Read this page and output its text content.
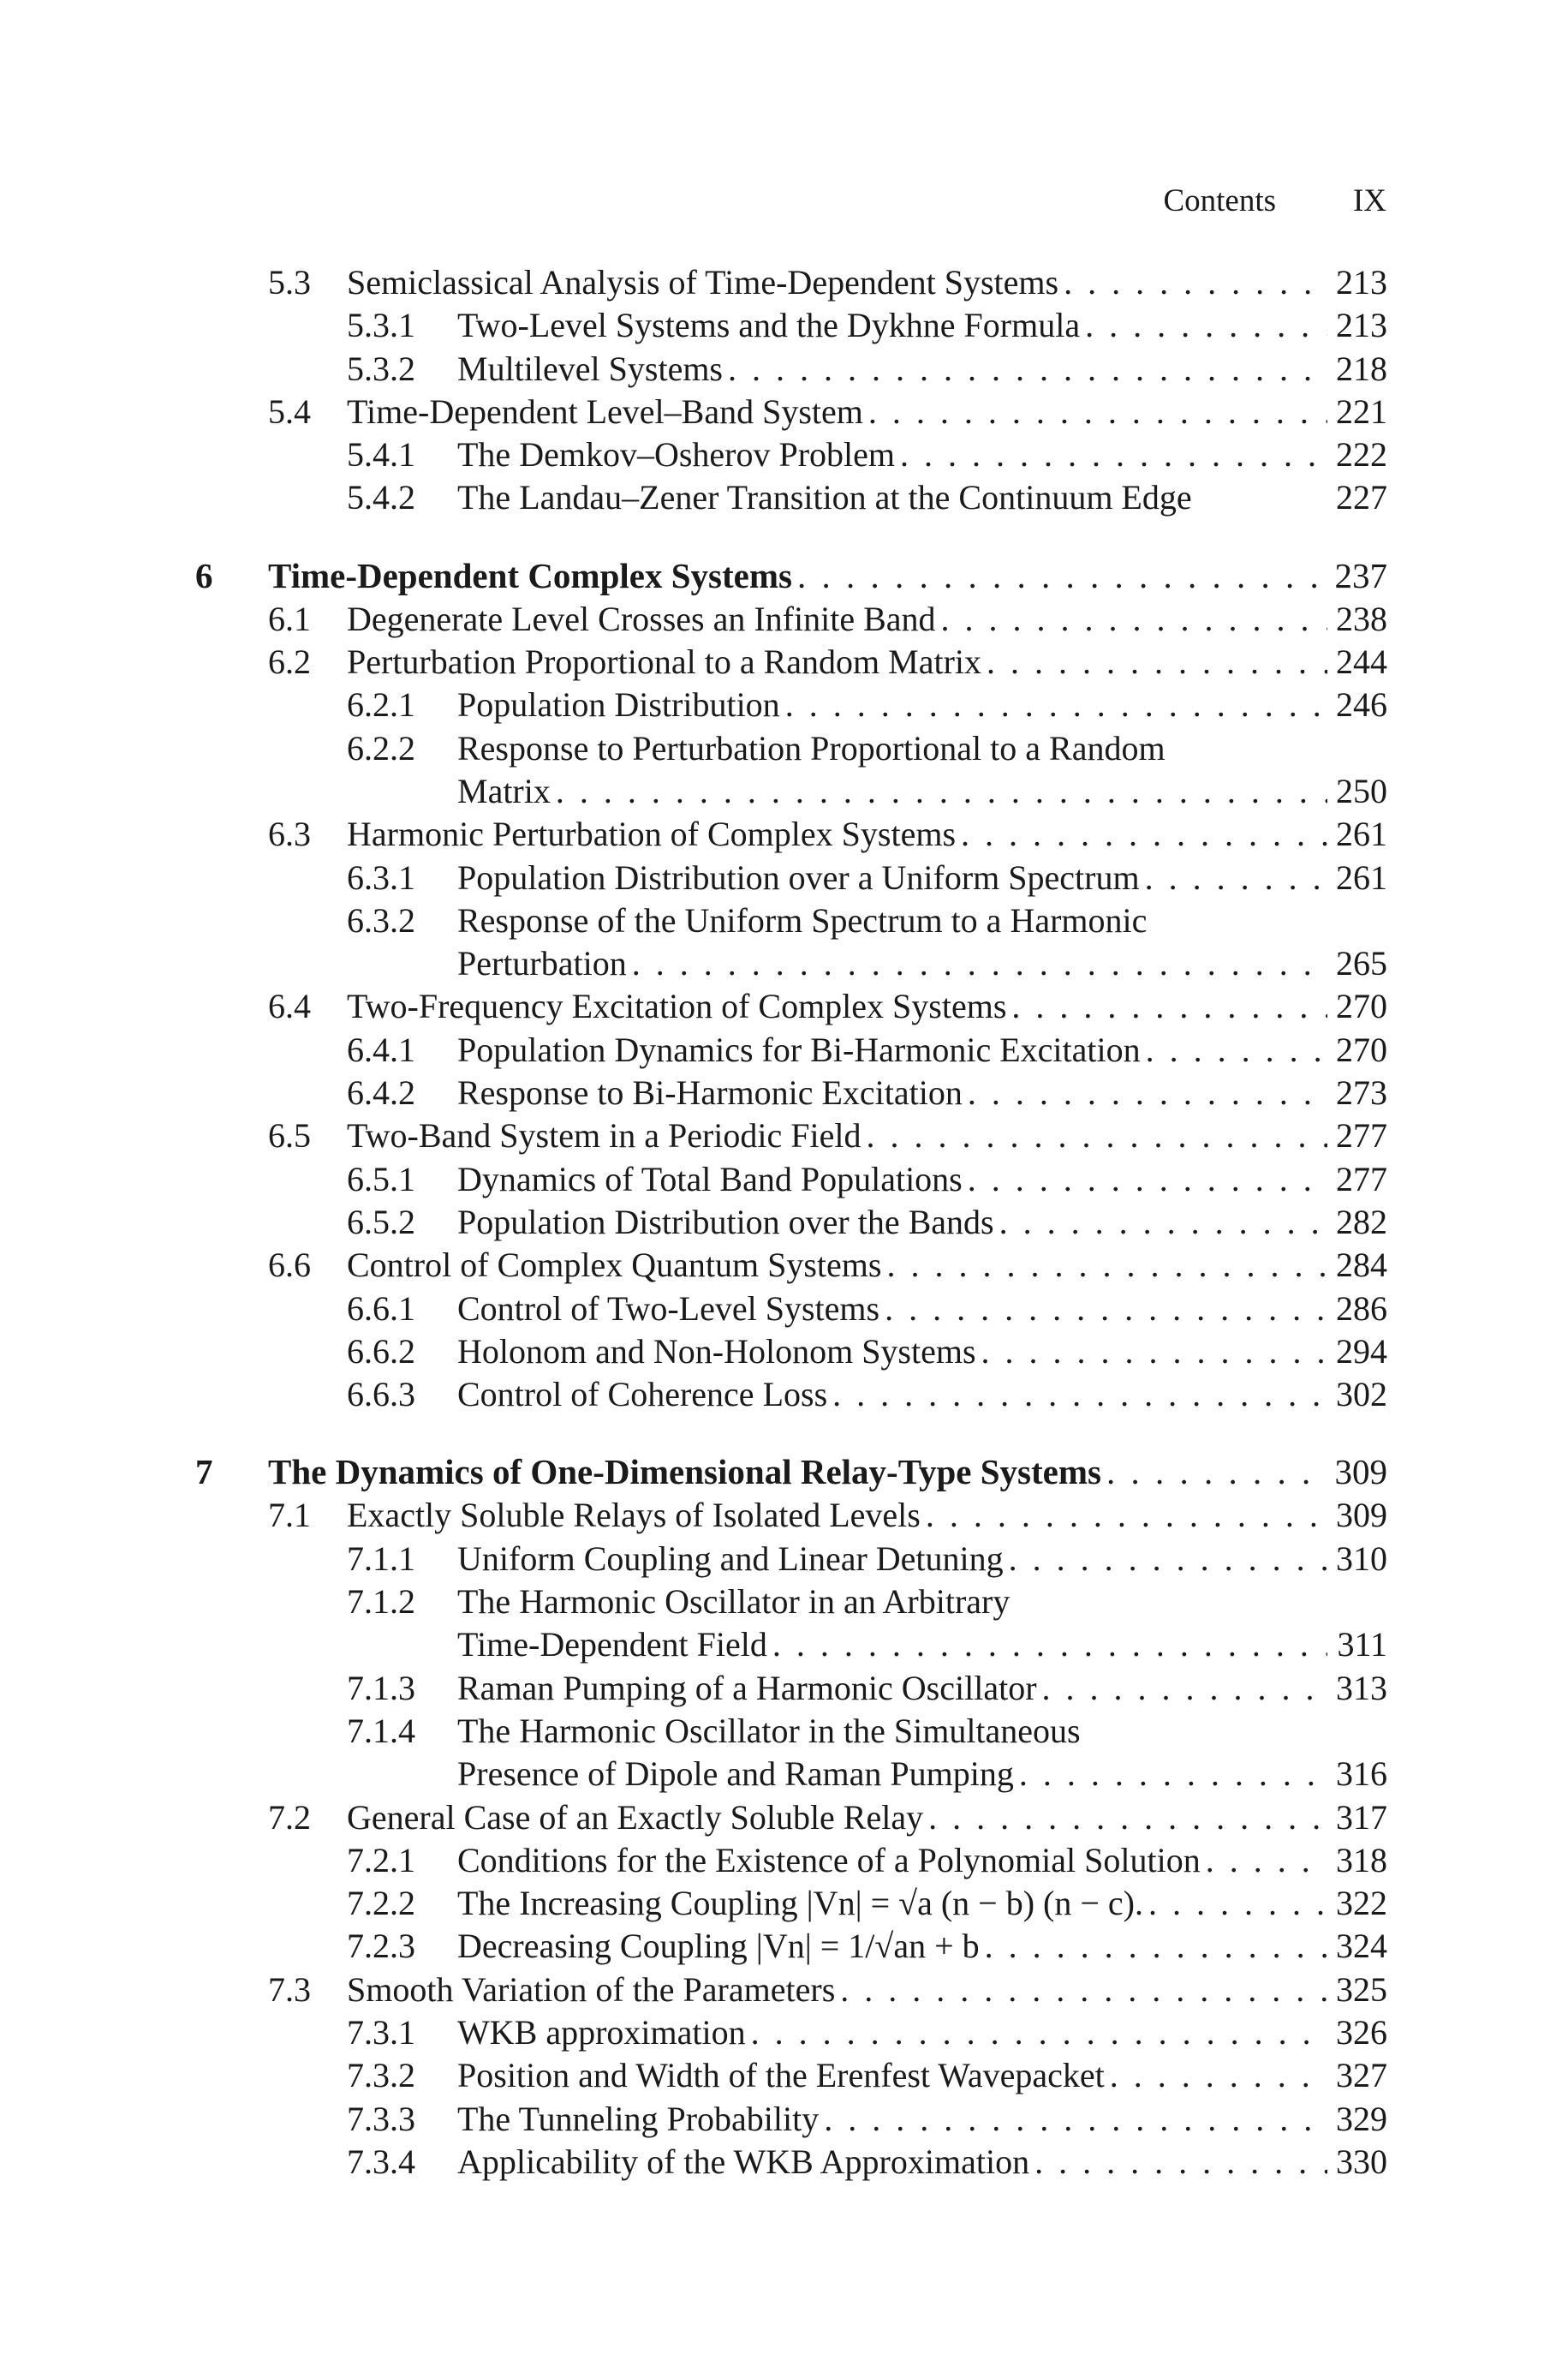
Contents IX
5.3 Semiclassical Analysis of Time-Dependent Systems . . .	213
5.3.1 Two-Level Systems and the Dykhne Formula . . .	213
5.3.2 Multilevel Systems . . .	218
5.4 Time-Dependent Level–Band System . . .	221
5.4.1 The Demkov–Osherov Problem . . .	222
5.4.2 The Landau–Zener Transition at the Continuum Edge	227
6	Time-Dependent Complex Systems . . .	237
6.1 Degenerate Level Crosses an Infinite Band . . .	238
6.2 Perturbation Proportional to a Random Matrix . . .	244
6.2.1 Population Distribution . . .	246
6.2.2 Response to Perturbation Proportional to a Random
Matrix . . .	250
6.3 Harmonic Perturbation of Complex Systems . . .	261
6.3.1 Population Distribution over a Uniform Spectrum . . .	261
6.3.2 Response of the Uniform Spectrum to a Harmonic
Perturbation . . .	265
6.4 Two-Frequency Excitation of Complex Systems . . .	270
6.4.1 Population Dynamics for Bi-Harmonic Excitation . . .	270
6.4.2 Response to Bi-Harmonic Excitation . . .	273
6.5 Two-Band System in a Periodic Field . . .	277
6.5.1 Dynamics of Total Band Populations . . .	277
6.5.2 Population Distribution over the Bands . . .	282
6.6 Control of Complex Quantum Systems . . .	284
6.6.1 Control of Two-Level Systems . . .	286
6.6.2 Holonom and Non-Holonom Systems . . .	294
6.6.3 Control of Coherence Loss . . .	302
7	The Dynamics of One-Dimensional Relay-Type Systems . . .	309
7.1 Exactly Soluble Relays of Isolated Levels . . .	309
7.1.1 Uniform Coupling and Linear Detuning . . .	310
7.1.2 The Harmonic Oscillator in an Arbitrary
Time-Dependent Field . . .	311
7.1.3 Raman Pumping of a Harmonic Oscillator . . .	313
7.1.4 The Harmonic Oscillator in the Simultaneous
Presence of Dipole and Raman Pumping . . .	316
7.2 General Case of an Exactly Soluble Relay . . .	317
7.2.1 Conditions for the Existence of a Polynomial Solution . . .	318
7.2.2 The Increasing Coupling |Vn| = √a (n − b) (n − c). . . .	322
7.2.3 Decreasing Coupling |Vn| = 1/√an + b . . .	324
7.3 Smooth Variation of the Parameters . . .	325
7.3.1 WKB approximation . . .	326
7.3.2 Position and Width of the Erenfest Wavepacket . . .	327
7.3.3 The Tunneling Probability . . .	329
7.3.4 Applicability of the WKB Approximation . . .	330
